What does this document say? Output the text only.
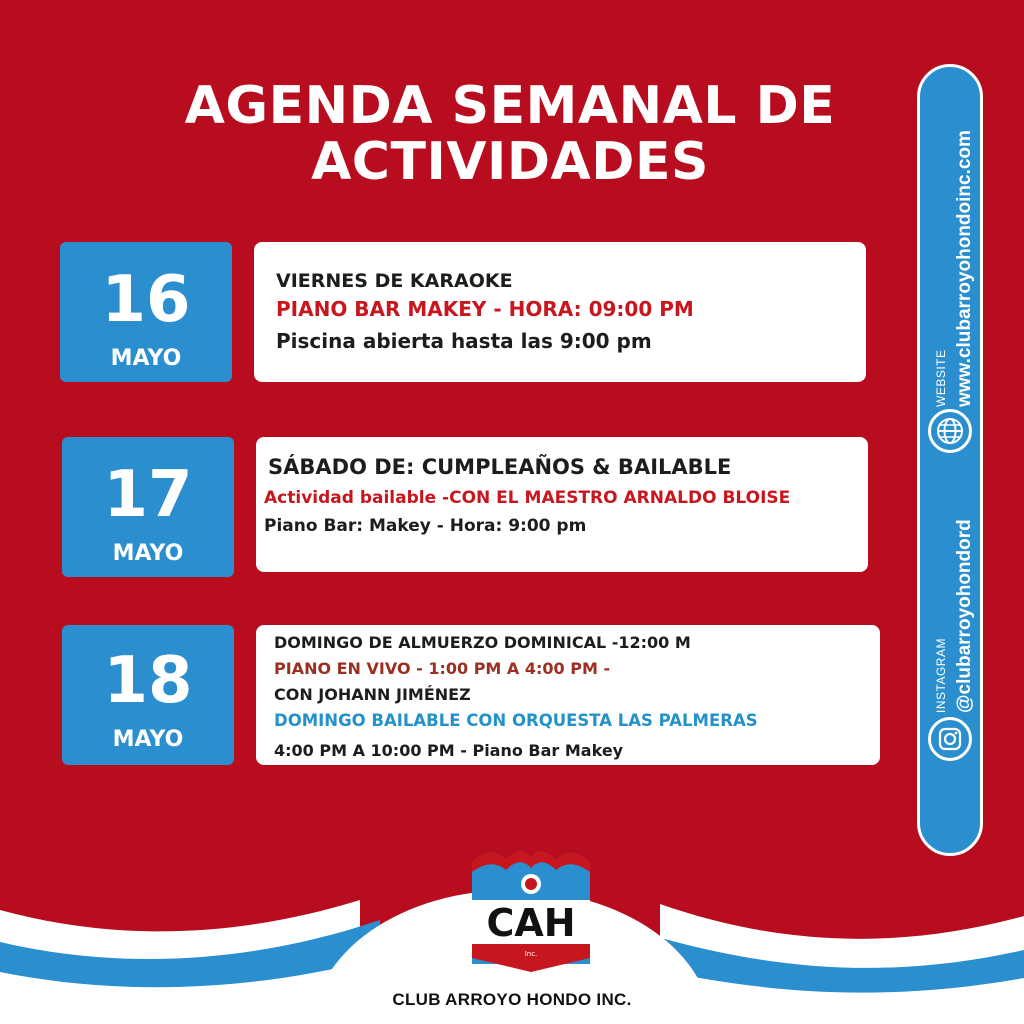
AGENDA SEMANAL DE
ACTIVIDADES
16
MAYO
VIERNES DE KARAOKE
PIANO BAR MAKEY - HORA: 09:00 PM
Piscina abierta hasta las 9:00 pm
17
MAYO
SÁBADO DE: CUMPLEAÑOS & BAILABLE
Actividad bailable -CON EL MAESTRO ARNALDO BLOISE
Piano Bar: Makey - Hora: 9:00 pm
18
MAYO
DOMINGO DE ALMUERZO DOMINICAL -12:00 M
PIANO EN VIVO - 1:00 PM A 4:00 PM -
CON JOHANN JIMÉNEZ
DOMINGO BAILABLE CON ORQUESTA LAS PALMERAS
4:00 PM A 10:00 PM - Piano Bar Makey
WEBSITE www.clubarroyohondoinc.com
INSTAGRAM @clubarroyohondord
CAH
Inc.
CLUB ARROYO HONDO INC.
